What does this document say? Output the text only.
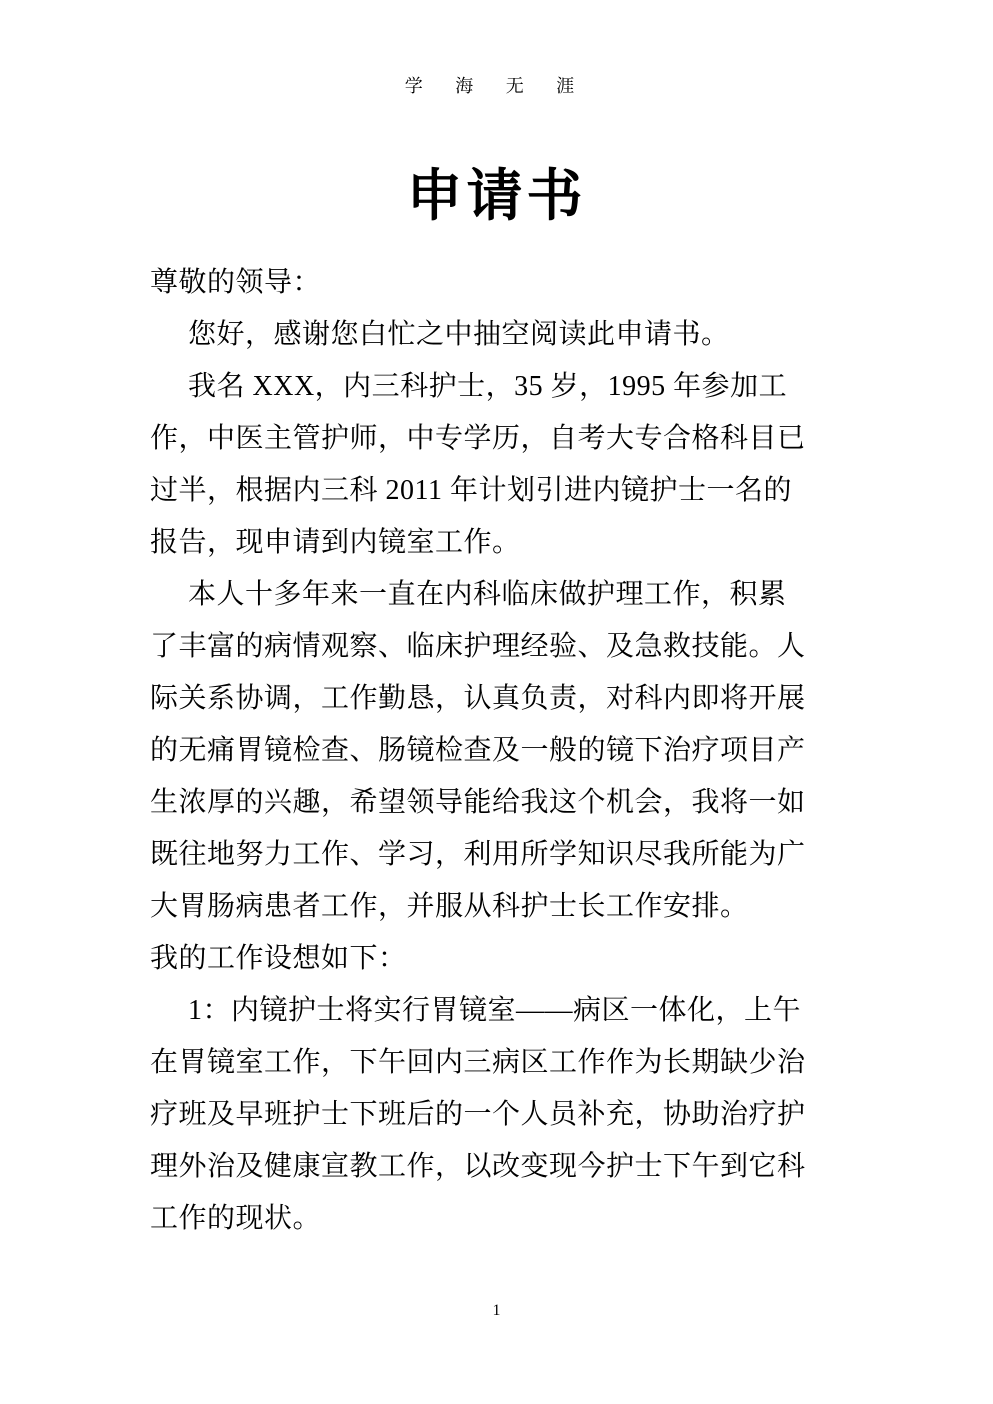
学 海 无 涯
申请书
尊敬的领导：
您好，感谢您白忙之中抽空阅读此申请书。
我名 XXX，内三科护士，35 岁，1995 年参加工
作，中医主管护师，中专学历，自考大专合格科目已
过半，根据内三科 2011 年计划引进内镜护士一名的
报告，现申请到内镜室工作。
本人十多年来一直在内科临床做护理工作，积累
了丰富的病情观察、临床护理经验、及急救技能。人
际关系协调，工作勤恳，认真负责，对科内即将开展
的无痛胃镜检查、肠镜检查及一般的镜下治疗项目产
生浓厚的兴趣，希望领导能给我这个机会，我将一如
既往地努力工作、学习，利用所学知识尽我所能为广
大胃肠病患者工作，并服从科护士长工作安排。
我的工作设想如下：
1：内镜护士将实行胃镜室——病区一体化，上午
在胃镜室工作，下午回内三病区工作作为长期缺少治
疗班及早班护士下班后的一个人员补充，协助治疗护
理外治及健康宣教工作，以改变现今护士下午到它科
工作的现状。
1
